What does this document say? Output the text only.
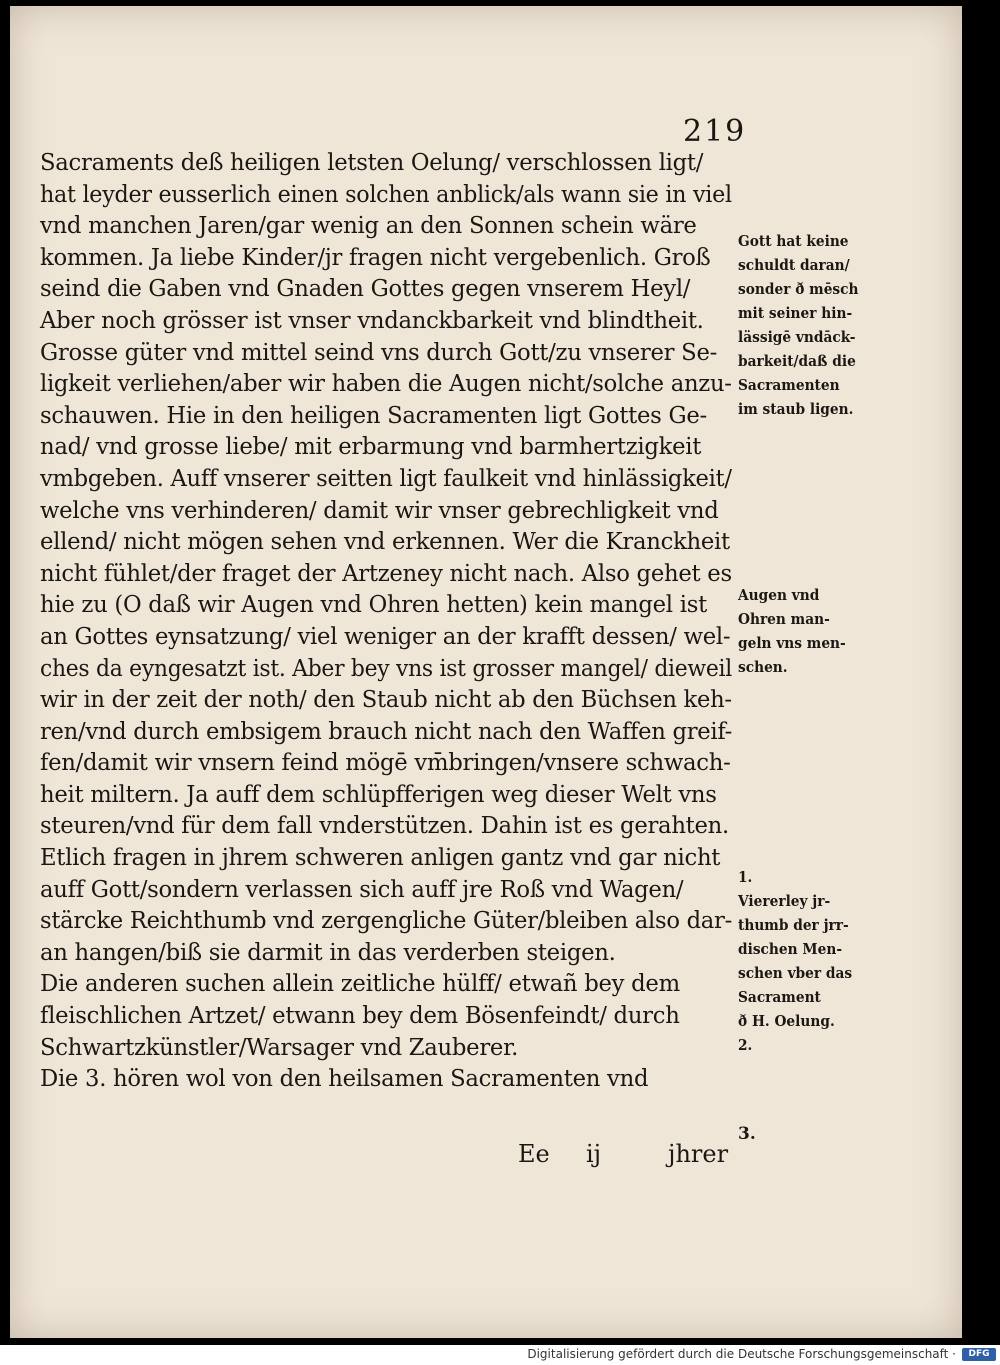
219
Sacraments deß heiligen letsten Oelung/ verschlossen ligt/
hat leyder eusserlich einen solchen anblick/als wann sie in viel
vnd manchen Jaren/gar wenig an den Sonnen schein wäre
kommen. Ja liebe Kinder/jr fragen nicht vergebenlich. Groß
seind die Gaben vnd Gnaden Gottes gegen vnserem Heyl/
Aber noch grösser ist vnser vndanckbarkeit vnd blindtheit.
Grosse güter vnd mittel seind vns durch Gott/zu vnserer Se-
ligkeit verliehen/aber wir haben die Augen nicht/solche anzu-
schauwen. Hie in den heiligen Sacramenten ligt Gottes Ge-
nad/ vnd grosse liebe/ mit erbarmung vnd barmhertzigkeit
vmbgeben. Auff vnserer seitten ligt faulkeit vnd hinlässigkeit/
welche vns verhinderen/ damit wir vnser gebrechligkeit vnd
ellend/ nicht mögen sehen vnd erkennen. Wer die Kranckheit
nicht fühlet/der fraget der Artzeney nicht nach. Also gehet es
hie zu (O daß wir Augen vnd Ohren hetten) kein mangel ist
an Gottes eynsatzung/ viel weniger an der krafft dessen/ wel-
ches da eyngesatzt ist. Aber bey vns ist grosser mangel/ dieweil
wir in der zeit der noth/ den Staub nicht ab den Büchsen keh-
ren/vnd durch embsigem brauch nicht nach den Waffen greif-
fen/damit wir vnsern feind mögē vm̄bringen/vnsere schwach-
heit miltern. Ja auff dem schlüpfferigen weg dieser Welt vns
steuren/vnd für dem fall vnderstützen. Dahin ist es gerahten.
Etlich fragen in jhrem schweren anligen gantz vnd gar nicht
auff Gott/sondern verlassen sich auff jre Roß vnd Wagen/
stärcke Reichthumb vnd zergengliche Güter/bleiben also dar-
an hangen/biß sie darmit in das verderben steigen.
Die anderen suchen allein zeitliche hülff/ etwañ bey dem
fleischlichen Artzet/ etwann bey dem Bösenfeindt/ durch
Schwartzkünstler/Warsager vnd Zauberer.
Die 3. hören wol von den heilsamen Sacramenten vnd
Gott hat keine
schuldt daran/
sonder ð mēsch
mit seiner hin-
lässigē vndāck-
barkeit/daß die
Sacramenten
im staub ligen.
Augen vnd
Ohren man-
geln vns men-
schen.
1.
Viererley jr-
thumb der jrr-
dischen Men-
schen vber das
Sacrament
ð H. Oelung.
2.
3.
Ee ij	jhrer
Digitalisierung gefördert durch die Deutsche Forschungsgemeinschaft ·	DFG
